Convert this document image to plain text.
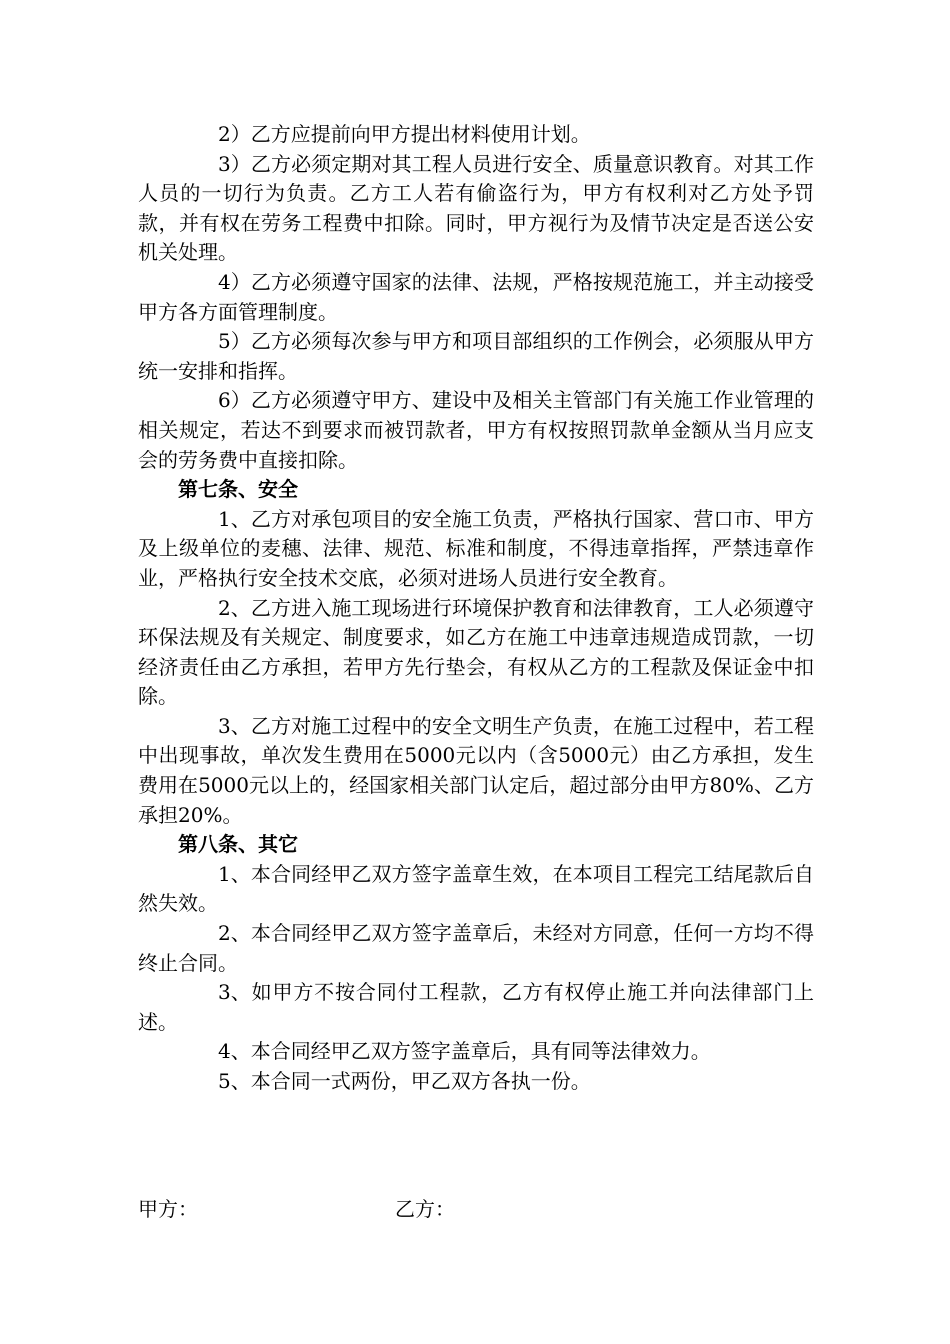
2）乙方应提前向甲方提出材料使用计划。

3）乙方必须定期对其工程人员进行安全、质量意识教育。对其工作人员的一切行为负责。乙方工人若有偷盗行为，甲方有权利对乙方处予罚款，并有权在劳务工程费中扣除。同时，甲方视行为及情节决定是否送公安机关处理。

4）乙方必须遵守国家的法律、法规，严格按规范施工，并主动接受甲方各方面管理制度。

5）乙方必须每次参与甲方和项目部组织的工作例会，必须服从甲方统一安排和指挥。

6）乙方必须遵守甲方、建设中及相关主管部门有关施工作业管理的相关规定，若达不到要求而被罚款者，甲方有权按照罚款单金额从当月应支会的劳务费中直接扣除。

第七条、安全

1、乙方对承包项目的安全施工负责，严格执行国家、营口市、甲方及上级单位的麦穗、法律、规范、标准和制度，不得违章指挥，严禁违章作业，严格执行安全技术交底，必须对进场人员进行安全教育。

2、乙方进入施工现场进行环境保护教育和法律教育，工人必须遵守环保法规及有关规定、制度要求，如乙方在施工中违章违规造成罚款，一切经济责任由乙方承担，若甲方先行垫会，有权从乙方的工程款及保证金中扣除。

3、乙方对施工过程中的安全文明生产负责，在施工过程中，若工程中出现事故，单次发生费用在5000元以内（含5000元）由乙方承担，发生费用在5000元以上的，经国家相关部门认定后，超过部分由甲方80%、乙方承担20%。

第八条、其它

1、本合同经甲乙双方签字盖章生效，在本项目工程完工结尾款后自然失效。

2、本合同经甲乙双方签字盖章后，未经对方同意，任何一方均不得终止合同。

3、如甲方不按合同付工程款，乙方有权停止施工并向法律部门上述。

4、本合同经甲乙双方签字盖章后，具有同等法律效力。

5、本合同一式两份，甲乙双方各执一份。

甲方：	乙方：
